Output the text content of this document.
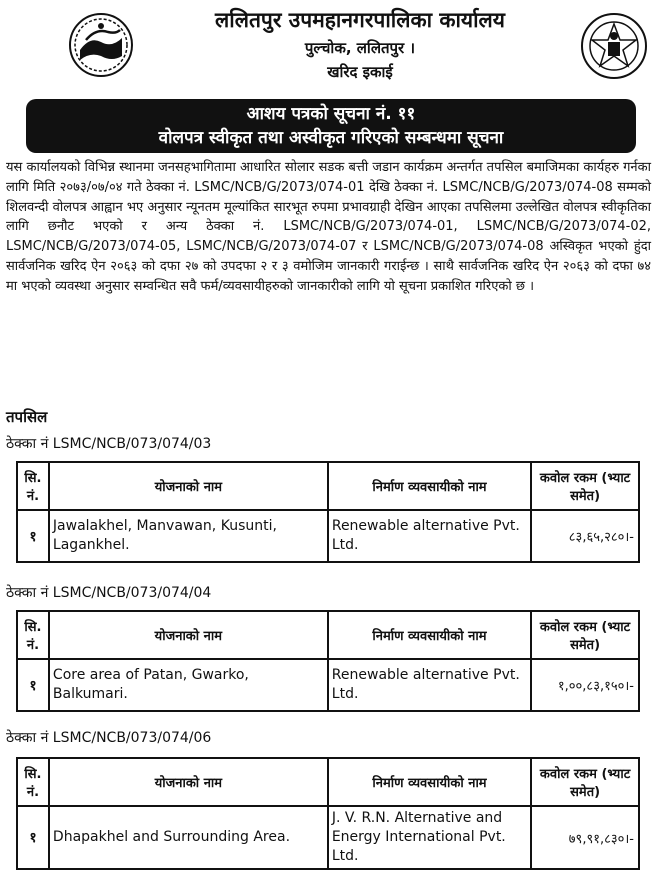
ललितपुर उपमहानगरपालिका कार्यालय
पुल्चोक, ललितपुर ।
खरिद इकाई
आशय पत्रको सूचना नं. ११
वोलपत्र स्वीकृत तथा अस्वीकृत गरिएको सम्बन्धमा सूचना
यस कार्यालयको विभिन्न स्थानमा जनसहभागितामा आधारित सोलार सडक बत्ती जडान कार्यक्रम अन्तर्गत तपसिल बमाजिमका कार्यहरु गर्नका लागि मिति २०७३/०७/०४ गते ठेक्का नं. LSMC/NCB/G/2073/074-01 देखि ठेक्का नं. LSMC/NCB/G/2073/074-08 सम्मको शिलवन्दी वोलपत्र आह्वान भए अनुसार न्यूनतम मूल्यांकित सारभूत रुपमा प्रभावग्राही देखिन आएका तपसिलमा उल्लेखित वोलपत्र स्वीकृतिका लागि छनौट भएको र अन्य ठेक्का नं. LSMC/NCB/G/2073/074-01, LSMC/NCB/G/2073/074-02, LSMC/NCB/G/2073/074-05, LSMC/NCB/G/2073/074-07 र LSMC/NCB/G/2073/074-08 अस्विकृत भएको हुंदा सार्वजनिक खरिद ऐन २०६३ को दफा २७ को उपदफा २ र ३ वमोजिम जानकारी गराईन्छ । साथै सार्वजनिक खरिद ऐन २०६३ को दफा ७४ मा भएको व्यवस्था अनुसार सम्वन्धित सवै फर्म/व्यवसायीहरुको जानकारीको लागि यो सूचना प्रकाशित गरिएको छ ।
तपसिल
ठेक्का नं LSMC/NCB/073/074/03
सि. नं.	योजनाको नाम	निर्माण व्यवसायीको नाम	कवोल रकम (भ्याट समेत)
१	Jawalakhel, Manvawan, Kusunti, Lagankhel.	Renewable alternative Pvt. Ltd.	८३,६५,२८०।-
ठेक्का नं LSMC/NCB/073/074/04
सि. नं.	योजनाको नाम	निर्माण व्यवसायीको नाम	कवोल रकम (भ्याट समेत)
१	Core area of Patan, Gwarko, Balkumari.	Renewable alternative Pvt. Ltd.	१,००,८३,१५०।-
ठेक्का नं LSMC/NCB/073/074/06
सि. नं.	योजनाको नाम	निर्माण व्यवसायीको नाम	कवोल रकम (भ्याट समेत)
१	Dhapakhel and Surrounding Area.	J. V. R.N. Alternative and Energy International Pvt. Ltd.	७९,९१,८३०।-
